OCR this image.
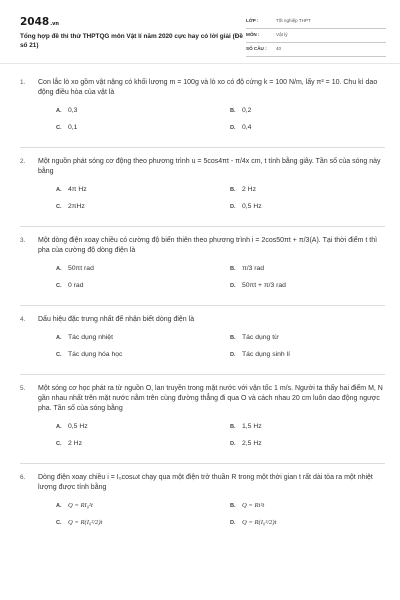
2048.vn
Tổng hợp đề thi thử THPTQG môn Vật lí năm 2020 cực hay có lời giải (Đề số 21)
LỚP :	Tốt nghiệp THPT
MÔN :	Vật lý
SỐ CÂU : 40
1. Con lắc lò xo gồm vật nặng có khối lượng m = 100g và lò xo có độ cứng k = 100 N/m, lấy π² = 10. Chu kì dao động điều hòa của vật là
A. 0,3	B. 0,2
C. 0,1	D. 0,4
2. Một nguồn phát sóng cơ động theo phương trình u = 5cos4πt - π/4x cm, t tính bằng giây. Tần số của sóng này bằng
A. 4π Hz	B. 2 Hz
C. 2πHz	D. 0,5 Hz
3. Một dòng điện xoay chiều có cường độ biến thiên theo phương trình i = 2cos50πt + π/3(A). Tại thời điểm t thì pha của cường độ dòng điện là
A. 50πt rad	B. π/3 rad
C. 0 rad	D. 50πt + π/3 rad
4. Dấu hiệu đặc trưng nhất để nhận biết dòng điện là
A. Tác dụng nhiệt	B. Tác dụng từ
C. Tác dụng hóa học	D. Tác dụng sinh lí
5. Một sóng cơ học phát ra từ nguồn O, lan truyền trong mặt nước với vận tốc 1 m/s. Người ta thấy hai điểm M, N gần nhau nhất trên mặt nước nằm trên cùng đường thẳng đi qua O và cách nhau 20 cm luôn dao động ngược pha. Tần số của sóng bằng
A. 0,5 Hz	B. 1,5 Hz
C. 2 Hz	D. 2,5 Hz
6. Dòng điện xoay chiều i = I₀cosωt chạy qua một điện trở thuần R trong một thời gian t rất dài tỏa ra một nhiệt lượng được tính bằng
A. Q = RI₀²t	B. Q = Ri²t
C. Q = R(I₀²/2)t	D. Q = R(I₀²/2)t
